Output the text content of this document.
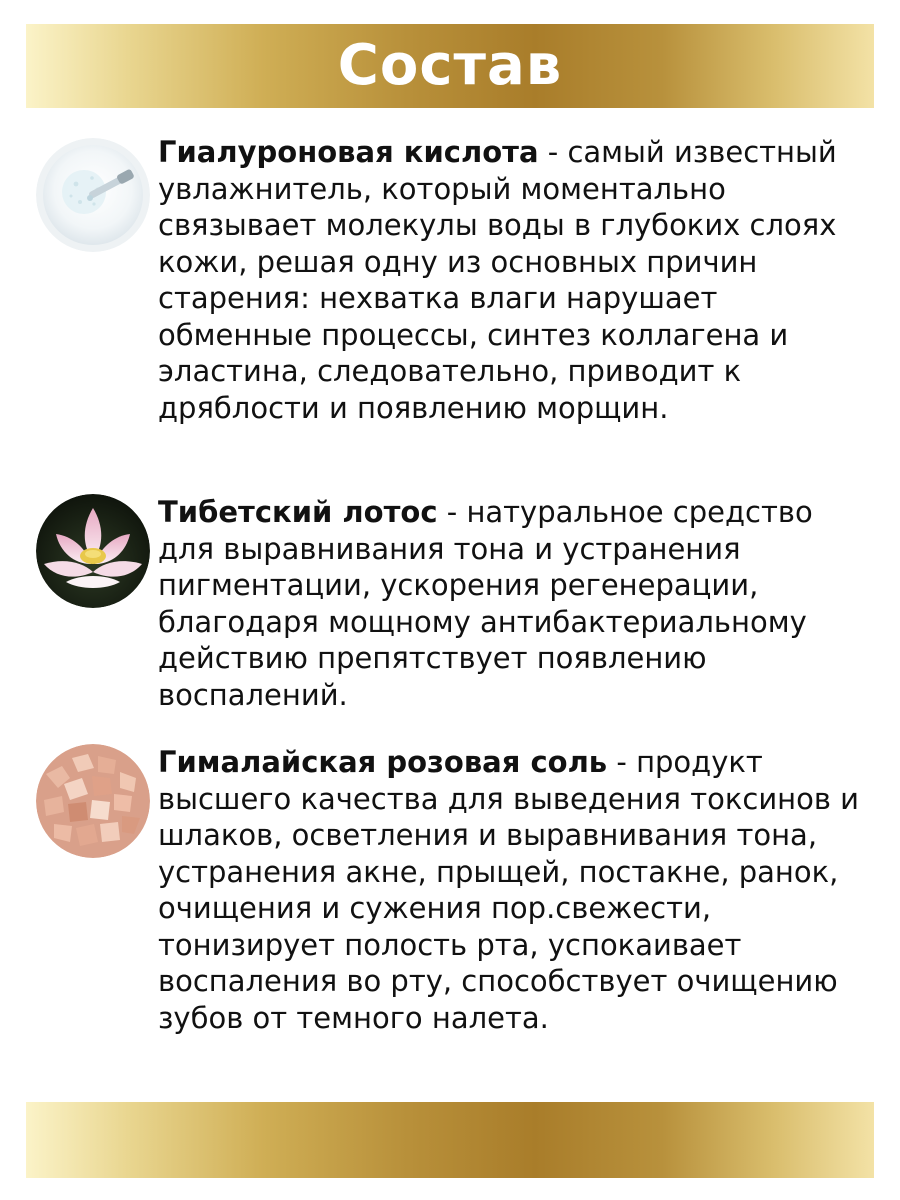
Состав

Гиалуроновая кислота - самый известный увлажнитель, который моментально связывает молекулы воды в глубоких слоях кожи, решая одну из основных причин старения: нехватка влаги нарушает обменные процессы, синтез коллагена и эластина, следовательно, приводит к дряблости и появлению морщин.

Тибетский лотос - натуральное средство для выравнивания тона и устранения пигментации, ускорения регенерации, благодаря мощному антибактериальному действию препятствует появлению воспалений.

Гималайская розовая соль - продукт высшего качества для выведения токсинов и шлаков, осветления и выравнивания тона, устранения акне, прыщей, постакне, ранок, очищения и сужения пор.свежести, тонизирует полость рта, успокаивает воспаления во рту, способствует очищению зубов от темного налета.
